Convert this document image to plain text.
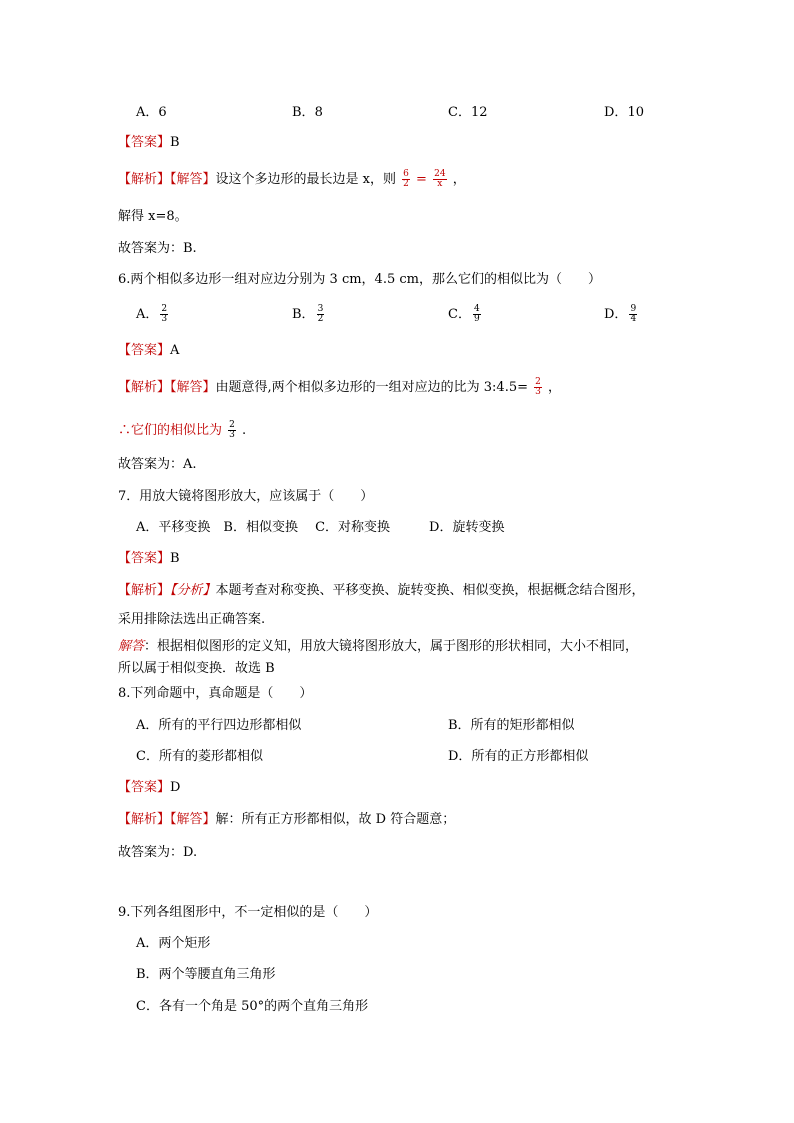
A．6	B．8	C．12	D．10
【答案】B
【解析】【解答】设这个多边形的最长边是 x，则 $\frac{6}{2} = \frac{24}{x}$ ，
解得 x=8。
故答案为：B.
6.两个相似多边形一组对应边分别为 3 cm，4.5 cm，那么它们的相似比为（　　）
A． $\frac{2}{3}$	B． $\frac{3}{2}$	C． $\frac{4}{9}$	D． $\frac{9}{4}$
【答案】A
【解析】【解答】由题意得,两个相似多边形的一组对应边的比为 3:4.5= $\frac{2}{3}$ ，
∴它们的相似比为 $\frac{2}{3}$ .
故答案为：A.
7．用放大镜将图形放大，应该属于（　　）
A．平移变换　B．相似变换　 C．对称变换　　　D．旋转变换
【答案】B
【解析】【分析】本题考查对称变换、平移变换、旋转变换、相似变换，根据概念结合图形，
采用排除法选出正确答案.
解答：根据相似图形的定义知，用放大镜将图形放大，属于图形的形状相同，大小不相同，
所以属于相似变换．故选 B
8.下列命题中，真命题是（　　）
A．所有的平行四边形都相似	B．所有的矩形都相似
C．所有的菱形都相似	D．所有的正方形都相似
【答案】D
【解析】【解答】解：所有正方形都相似，故 D 符合题意；
故答案为：D.
9.下列各组图形中，不一定相似的是（　　）
A．两个矩形
B．两个等腰直角三角形
C．各有一个角是 50°的两个直角三角形
